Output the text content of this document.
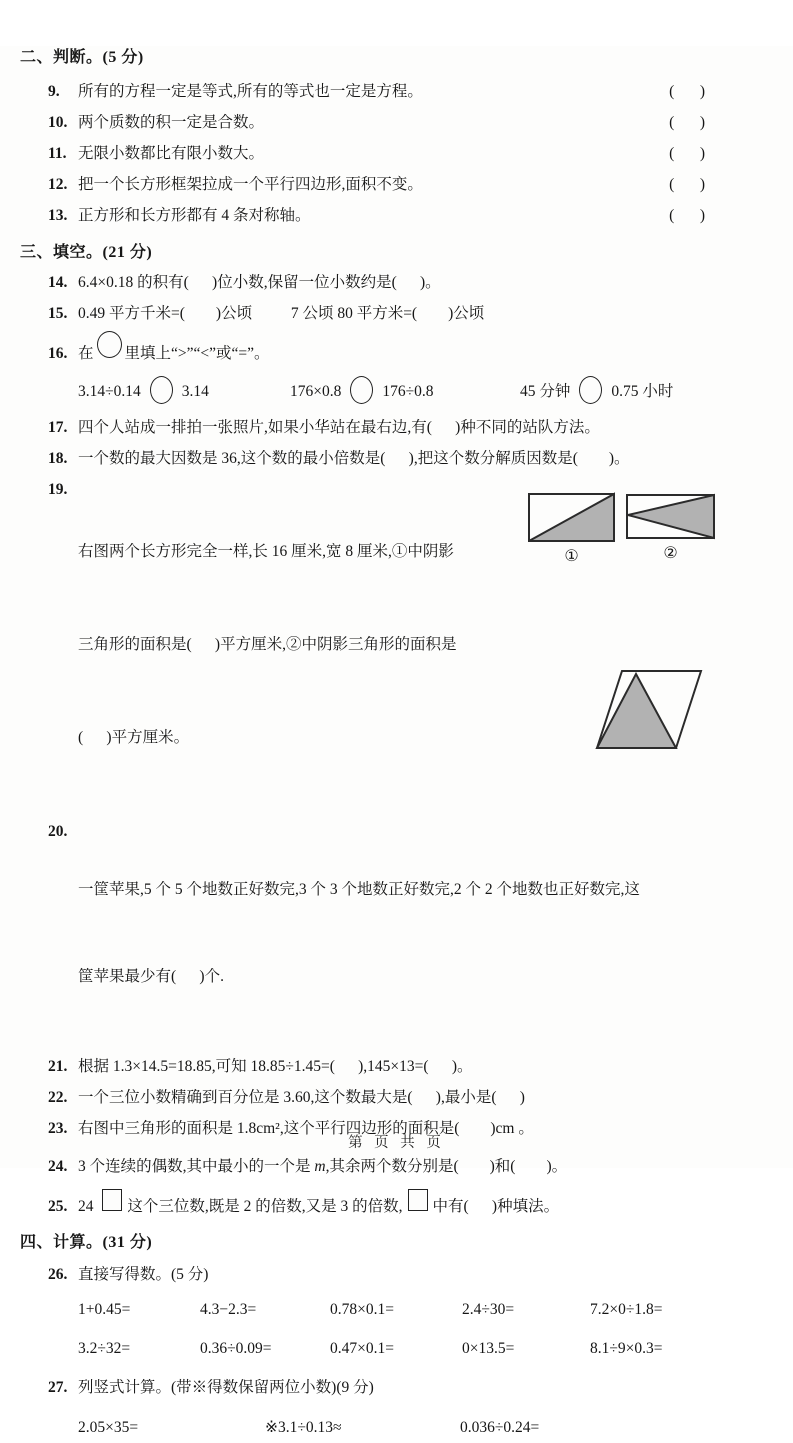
二、判断。(5 分)
9.	所有的方程一定是等式,所有的等式也一定是方程。	(    )
10. 两个质数的积一定是合数。	(    )
11. 无限小数都比有限小数大。	(    )
12. 把一个长方形框架拉成一个平行四边形,面积不变。	(    )
13. 正方形和长方形都有 4 条对称轴。	(    )
三、填空。(21 分)
14. 6.4×0.18 的积有(      )位小数,保留一位小数约是(      )。
15. 0.49 平方千米=(        )公顷          7 公顷 80 平方米=(        )公顷
16. 在 里填上“>”“<”或“=”。
3.14÷0.14	3.14	176×0.8	176÷0.8	45 分钟	0.75 小时
17. 四个人站成一排拍一张照片,如果小华站在最右边,有(      )种不同的站队方法。
18. 一个数的最大因数是 36,这个数的最小倍数是(      ),把这个数分解质因数是(        )。
19.

右图两个长方形完全一样,长 16 厘米,宽 8 厘米,①中阴影

三角形的面积是(      )平方厘米,②中阴影三角形的面积是

(      )平方厘米。

①	②
20.

一筐苹果,5 个 5 个地数正好数完,3 个 3 个地数正好数完,2 个 2 个地数也正好数完,这

筐苹果最少有(      )个.

21. 根据 1.3×14.5=18.85,可知 18.85÷1.45=(      ),145×13=(      )。
22. 一个三位小数精确到百分位是 3.60,这个数最大是(      ),最小是(      )
23. 右图中三角形的面积是 1.8cm²,这个平行四边形的面积是(        )cm 。
24. 3 个连续的偶数,其中最小的一个是 m ,其余两个数分别是(        )和(        )。
25. 24 这个三位数,既是 2 的倍数,又是 3 的倍数, 中有(      )种填法。
四、计算。(31 分)
26. 直接写得数。(5 分)
1+0.45=	4.3−2.3=	0.78×0.1=	2.4÷30=	7.2×0÷1.8=
3.2÷32=	0.36÷0.09=	0.47×0.1=	0×13.5=	8.1÷9×0.3=
27. 列竖式计算。(带※得数保留两位小数)(9 分)
2.05×35=	※3.1÷0.13≈	0.036÷0.24=
第 页 共 页
